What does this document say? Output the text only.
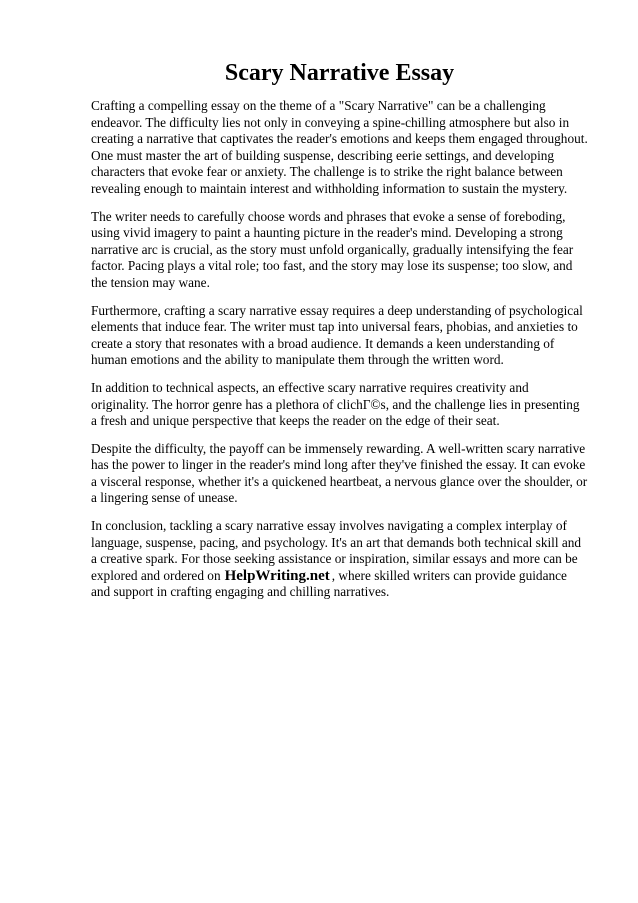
Scary Narrative Essay

Crafting a compelling essay on the theme of a "Scary Narrative" can be a challenging endeavor. The difficulty lies not only in conveying a spine-chilling atmosphere but also in creating a narrative that captivates the reader's emotions and keeps them engaged throughout. One must master the art of building suspense, describing eerie settings, and developing characters that evoke fear or anxiety. The challenge is to strike the right balance between revealing enough to maintain interest and withholding information to sustain the mystery.

The writer needs to carefully choose words and phrases that evoke a sense of foreboding, using vivid imagery to paint a haunting picture in the reader's mind. Developing a strong narrative arc is crucial, as the story must unfold organically, gradually intensifying the fear factor. Pacing plays a vital role; too fast, and the story may lose its suspense; too slow, and the tension may wane.

Furthermore, crafting a scary narrative essay requires a deep understanding of psychological elements that induce fear. The writer must tap into universal fears, phobias, and anxieties to create a story that resonates with a broad audience. It demands a keen understanding of human emotions and the ability to manipulate them through the written word.

In addition to technical aspects, an effective scary narrative requires creativity and originality. The horror genre has a plethora of clichГ©s, and the challenge lies in presenting a fresh and unique perspective that keeps the reader on the edge of their seat.

Despite the difficulty, the payoff can be immensely rewarding. A well-written scary narrative has the power to linger in the reader's mind long after they've finished the essay. It can evoke a visceral response, whether it's a quickened heartbeat, a nervous glance over the shoulder, or a lingering sense of unease.

In conclusion, tackling a scary narrative essay involves navigating a complex interplay of language, suspense, pacing, and psychology. It's an art that demands both technical skill and a creative spark. For those seeking assistance or inspiration, similar essays and more can be explored and ordered on HelpWriting.net , where skilled writers can provide guidance and support in crafting engaging and chilling narratives.
